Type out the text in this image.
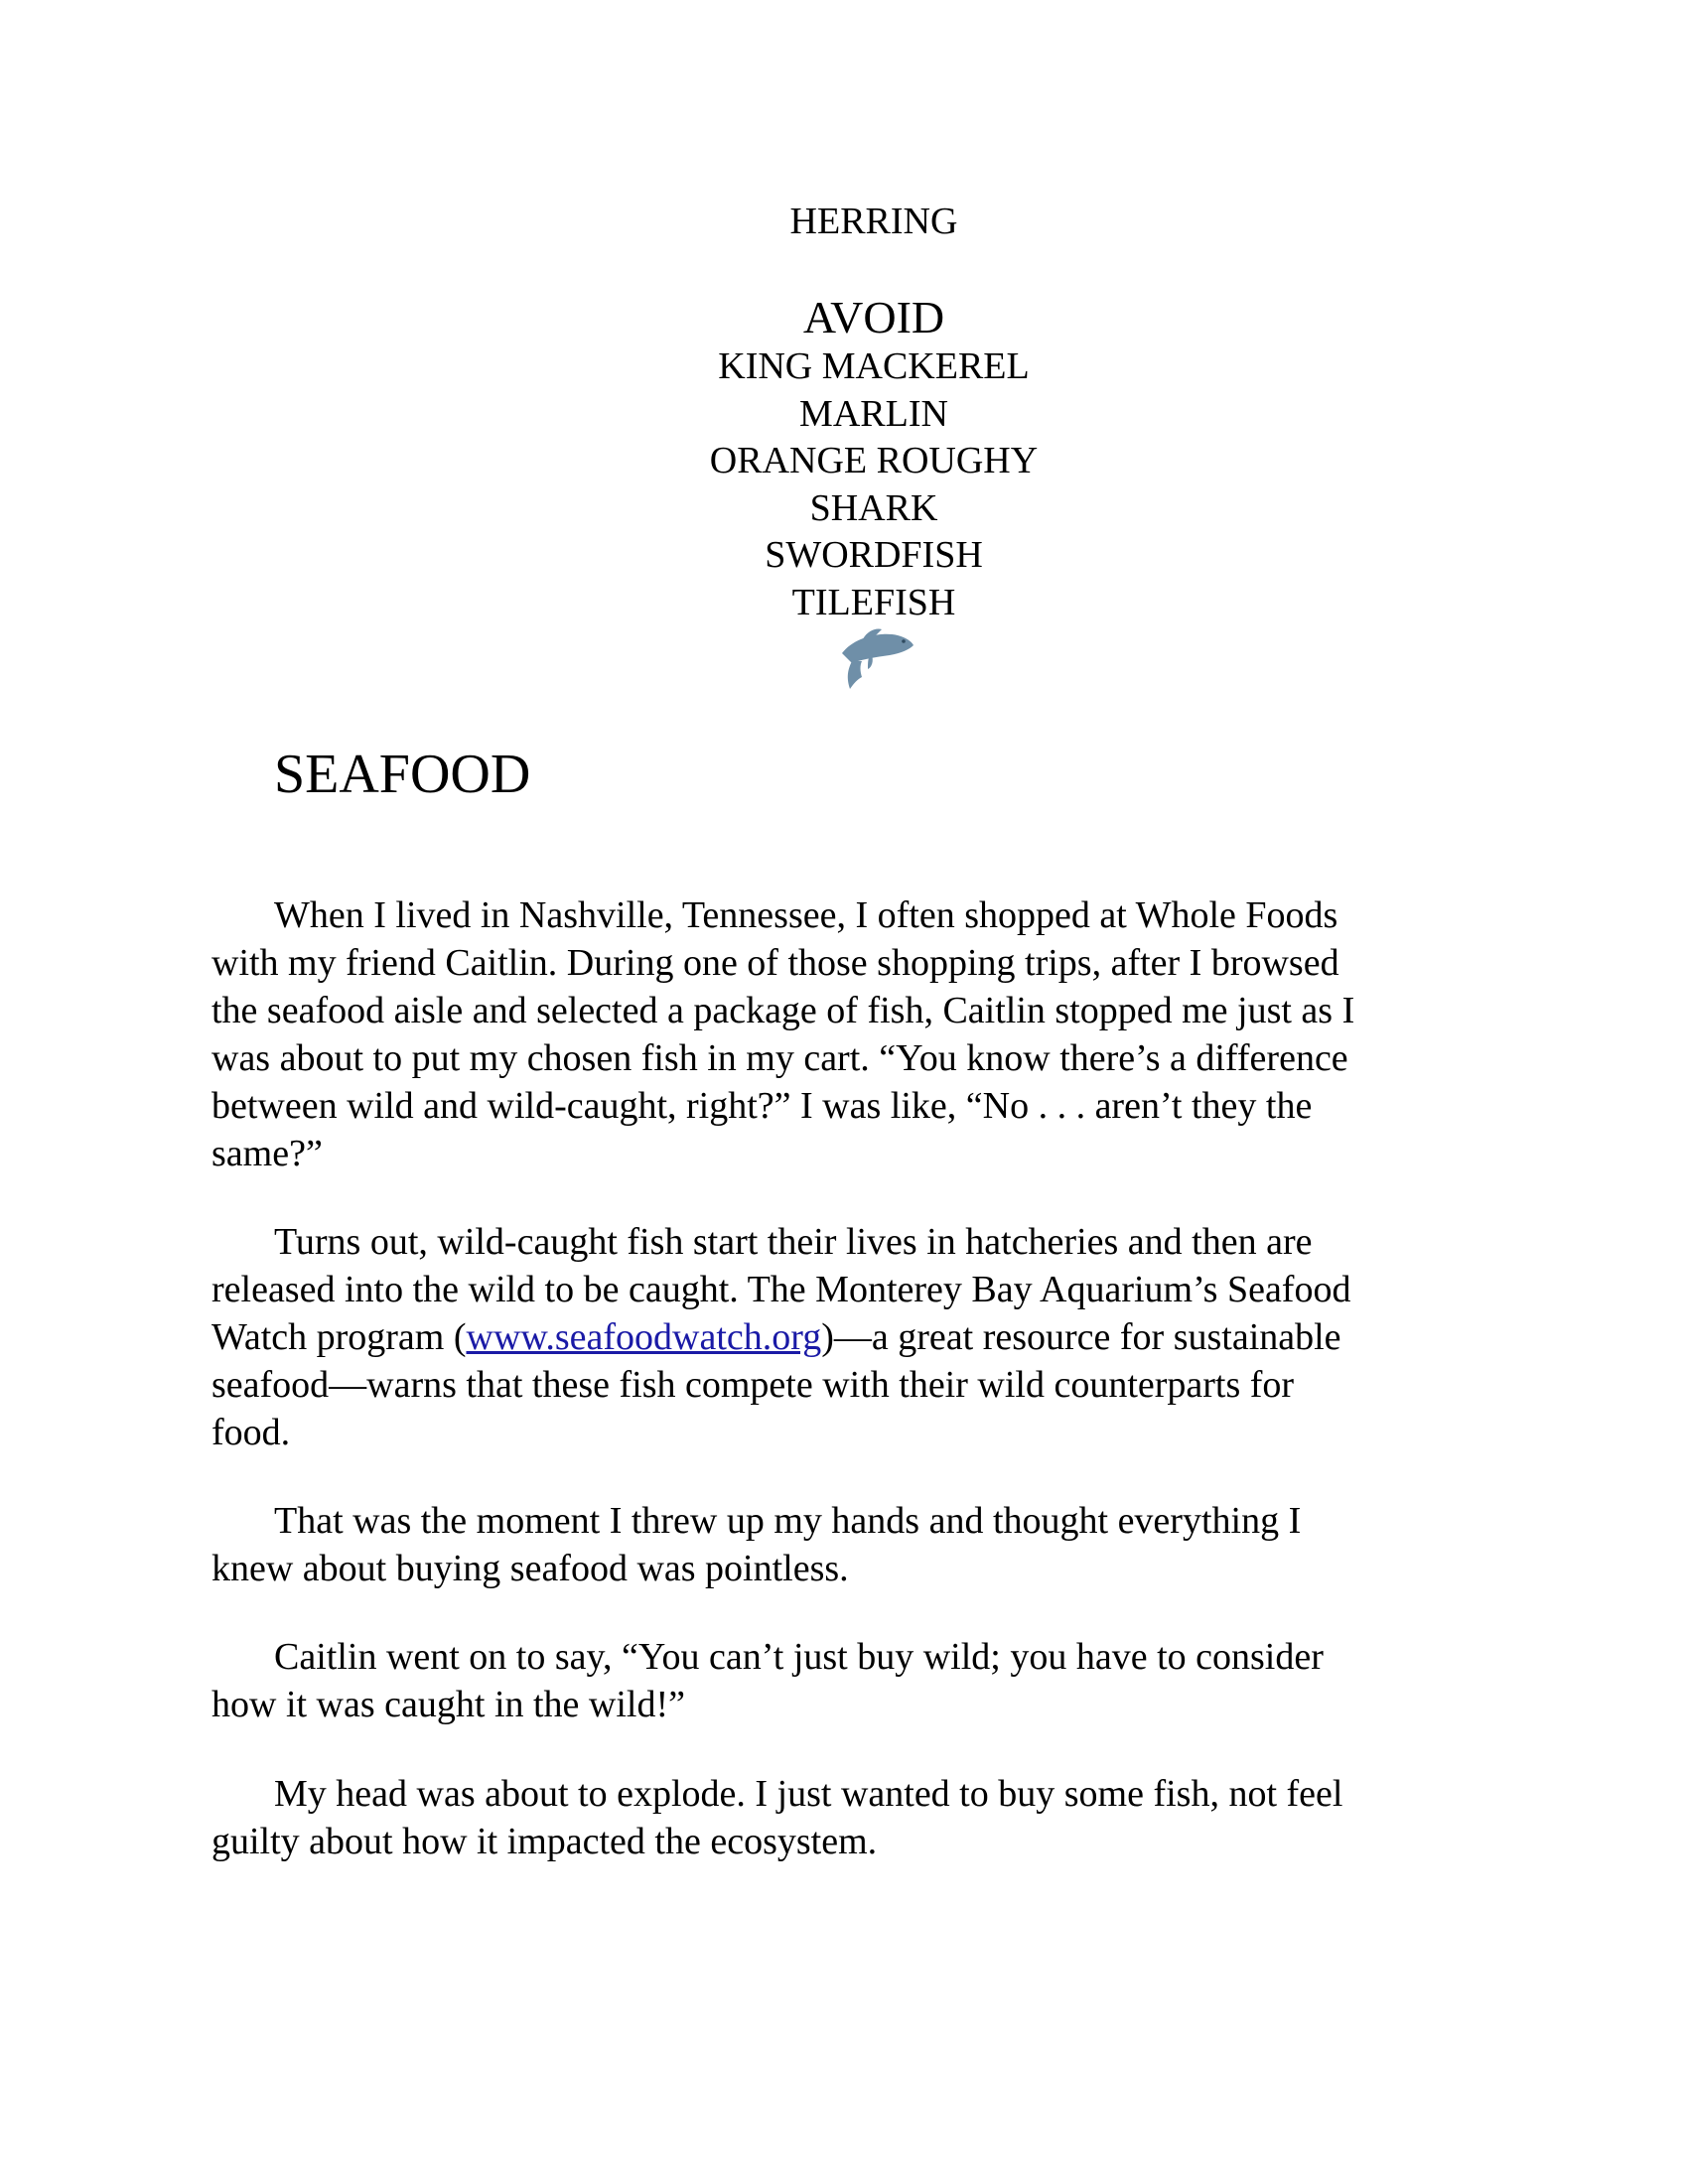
HERRING
AVOID
KING MACKEREL
MARLIN
ORANGE ROUGHY
SHARK
SWORDFISH
TILEFISH
SEAFOOD

When I lived in Nashville, Tennessee, I often shopped at Whole Foods
with my friend Caitlin. During one of those shopping trips, after I browsed
the seafood aisle and selected a package of fish, Caitlin stopped me just as I
was about to put my chosen fish in my cart. “You know there’s a difference
between wild and wild-caught, right?” I was like, “No . . . aren’t they the
same?”

Turns out, wild-caught fish start their lives in hatcheries and then are
released into the wild to be caught. The Monterey Bay Aquarium’s Seafood
Watch program (www.seafoodwatch.org)—a great resource for sustainable
seafood—warns that these fish compete with their wild counterparts for
food.

That was the moment I threw up my hands and thought everything I
knew about buying seafood was pointless.

Caitlin went on to say, “You can’t just buy wild; you have to consider
how it was caught in the wild!”

My head was about to explode. I just wanted to buy some fish, not feel
guilty about how it impacted the ecosystem.
